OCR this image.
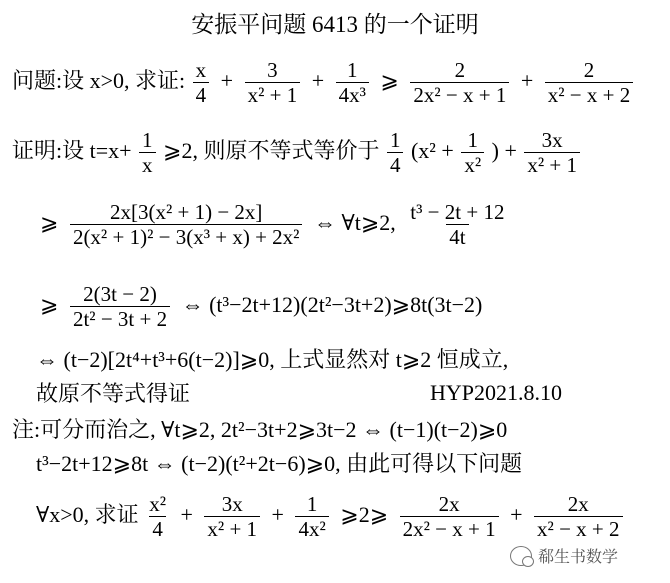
安振平问题 6413 的一个证明
问题:设 x>0, 求证: $\frac{x}{4} + \frac{3}{\text{x² + 1}} + \frac{1}{\text{4x³}}$ ⩾ $\frac{2}{\text{2x² − x + 1}} + \frac{2}{\text{x² − x + 2}}$
证明:设 $t=x+ \frac{1}{x}$ ⩾2, 则原不等式等价于 $\frac{1}{4} (x^2 + \frac{1}{\text{x²}}$ ) + $\frac{3x}{\text{x² + 1}}$
⩾ $\frac{\text{2x[3(x² + 1) − 2x]}}{\text{2(x² + 1)² − 3(x³ + x) + 2x²}}$ ⇔ ∀t⩾2, $\frac{\text{t³ − 2t + 12}}{4t}$
⩾ $\frac{2(3t - 2)}{\text{2t² − 3t + 2}}$ ⇔ (t³−2t+12)(2t²−3t+2)⩾8t(3t−2)
⇔ (t−2)[2t⁴+t³+6(t−2)]⩾0, 上式显然对 t⩾2 恒成立,
故原不等式得证	HYP2021.8.10
注:可分而治之, ∀t⩾2, 2t²−3t+2⩾3t−2 ⇔ (t−1)(t−2)⩾0
t³−2t+12⩾8t ⇔ (t−2)(t²+2t−6)⩾0, 由此可得以下问题
∀x>0, 求证 $\frac{\text{x²}}{4} + \frac{3x}{\text{x² + 1}} + \frac{1}{\text{4x²}}$ ⩾2⩾ $\frac{2x}{\text{2x² − x + 1}} + \frac{2x}{\text{x² − x + 2}}$
郗生书数学
